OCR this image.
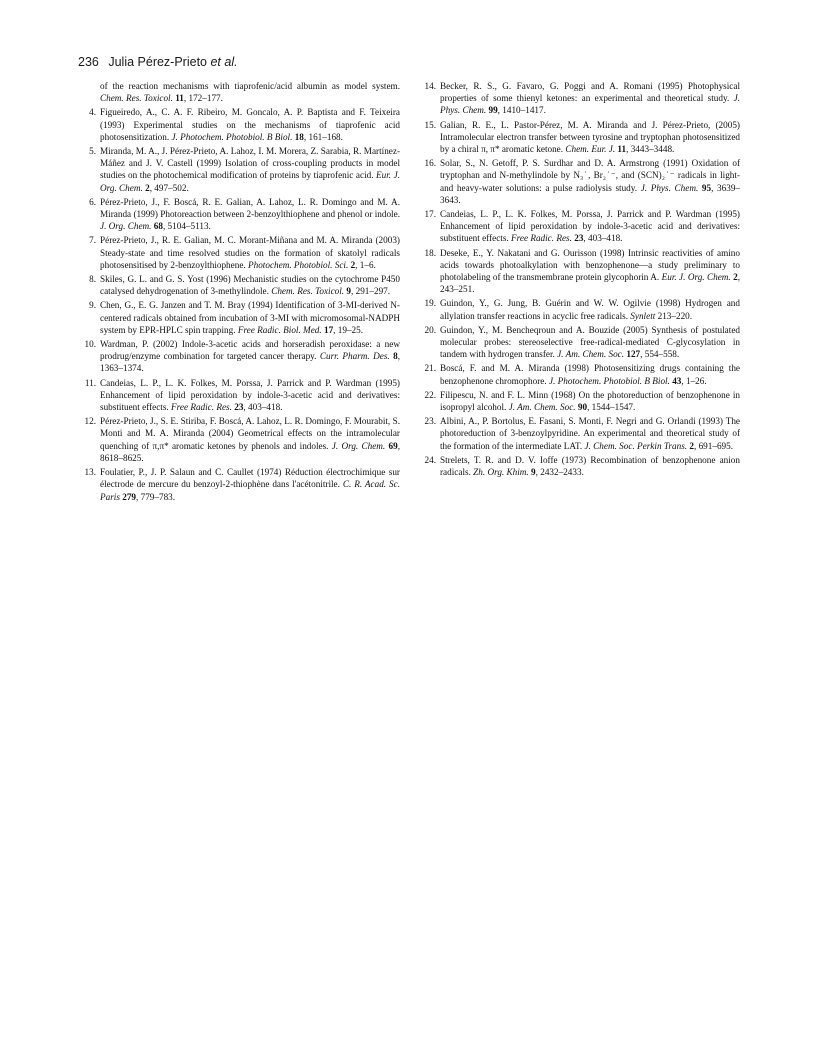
236 Julia Pérez-Prieto et al.
of the reaction mechanisms with tiaprofenic/acid albumin as model system. Chem. Res. Toxicol. 11, 172–177.
4. Figueiredo, A., C. A. F. Ribeiro, M. Goncalo, A. P. Baptista and F. Teixeira (1993) Experimental studies on the mechanisms of tiaprofenic acid photosensitization. J. Photochem. Photobiol. B Biol. 18, 161–168.
5. Miranda, M. A., J. Pérez-Prieto, A. Lahoz, I. M. Morera, Z. Sarabia, R. Martínez-Máñez and J. V. Castell (1999) Isolation of cross-coupling products in model studies on the photochemical modification of proteins by tiaprofenic acid. Eur. J. Org. Chem. 2, 497–502.
6. Pérez-Prieto, J., F. Boscá, R. E. Galian, A. Lahoz, L. R. Domingo and M. A. Miranda (1999) Photoreaction between 2-benzoylthiophene and phenol or indole. J. Org. Chem. 68, 5104–5113.
7. Pérez-Prieto, J., R. E. Galian, M. C. Morant-Miñana and M. A. Miranda (2003) Steady-state and time resolved studies on the formation of skatolyl radicals photosensitised by 2-benzoylthiophene. Photochem. Photobiol. Sci. 2, 1–6.
8. Skiles, G. L. and G. S. Yost (1996) Mechanistic studies on the cytochrome P450 catalysed dehydrogenation of 3-methylindole. Chem. Res. Toxicol. 9, 291–297.
9. Chen, G., E. G. Janzen and T. M. Bray (1994) Identification of 3-MI-derived N-centered radicals obtained from incubation of 3-MI with micromosomal-NADPH system by EPR-HPLC spin trapping. Free Radic. Biol. Med. 17, 19–25.
10. Wardman, P. (2002) Indole-3-acetic acids and horseradish peroxidase: a new prodrug/enzyme combination for targeted cancer therapy. Curr. Pharm. Des. 8, 1363–1374.
11. Candeias, L. P., L. K. Folkes, M. Porssa, J. Parrick and P. Wardman (1995) Enhancement of lipid peroxidation by indole-3-acetic acid and derivatives: substituent effects. Free Radic. Res. 23, 403–418.
12. Pérez-Prieto, J., S. E. Stiriba, F. Boscá, A. Lahoz, L. R. Domingo, F. Mourabit, S. Monti and M. A. Miranda (2004) Geometrical effects on the intramolecular quenching of π,π* aromatic ketones by phenols and indoles. J. Org. Chem. 69, 8618–8625.
13. Foulatier, P., J. P. Salaun and C. Caullet (1974) Réduction électrochimique sur électrode de mercure du benzoyl-2-thiophène dans l'acétonitrile. C. R. Acad. Sc. Paris 279, 779–783.
14. Becker, R. S., G. Favaro, G. Poggi and A. Romani (1995) Photophysical properties of some thienyl ketones: an experimental and theoretical study. J. Phys. Chem. 99, 1410–1417.
15. Galian, R. E., L. Pastor-Pérez, M. A. Miranda and J. Pérez-Prieto, (2005) Intramolecular electron transfer between tyrosine and tryptophan photosensitized by a chiral π, π* aromatic ketone. Chem. Eur. J. 11, 3443–3448.
16. Solar, S., N. Getoff, P. S. Surdhar and D. A. Armstrong (1991) Oxidation of tryptophan and N-methylindole by N₃˙, Br₂˙⁻, and (SCN)₂˙⁻ radicals in light- and heavy-water solutions: a pulse radiolysis study. J. Phys. Chem. 95, 3639–3643.
17. Candeias, L. P., L. K. Folkes, M. Porssa, J. Parrick and P. Wardman (1995) Enhancement of lipid peroxidation by indole-3-acetic acid and derivatives: substituent effects. Free Radic. Res. 23, 403–418.
18. Deseke, E., Y. Nakatani and G. Ourisson (1998) Intrinsic reactivities of amino acids towards photoalkylation with benzophenone—a study preliminary to photolabeling of the transmembrane protein glycophorin A. Eur. J. Org. Chem. 2, 243–251.
19. Guindon, Y., G. Jung, B. Guérin and W. W. Ogilvie (1998) Hydrogen and allylation transfer reactions in acyclic free radicals. Synlett 213–220.
20. Guindon, Y., M. Bencheqroun and A. Bouzide (2005) Synthesis of postulated molecular probes: stereoselective free-radical-mediated C-glycosylation in tandem with hydrogen transfer. J. Am. Chem. Soc. 127, 554–558.
21. Boscá, F. and M. A. Miranda (1998) Photosensitizing drugs containing the benzophenone chromophore. J. Photochem. Photobiol. B Biol. 43, 1–26.
22. Filipescu, N. and F. L. Minn (1968) On the photoreduction of benzophenone in isopropyl alcohol. J. Am. Chem. Soc. 90, 1544–1547.
23. Albini, A., P. Bortolus, E. Fasani, S. Monti, F. Negri and G. Orlandi (1993) The photoreduction of 3-benzoylpyridine. An experimental and theoretical study of the formation of the intermediate LAT. J. Chem. Soc. Perkin Trans. 2, 691–695.
24. Strelets, T. R. and D. V. Ioffe (1973) Recombination of benzophenone anion radicals. Zh. Org. Khim. 9, 2432–2433.
